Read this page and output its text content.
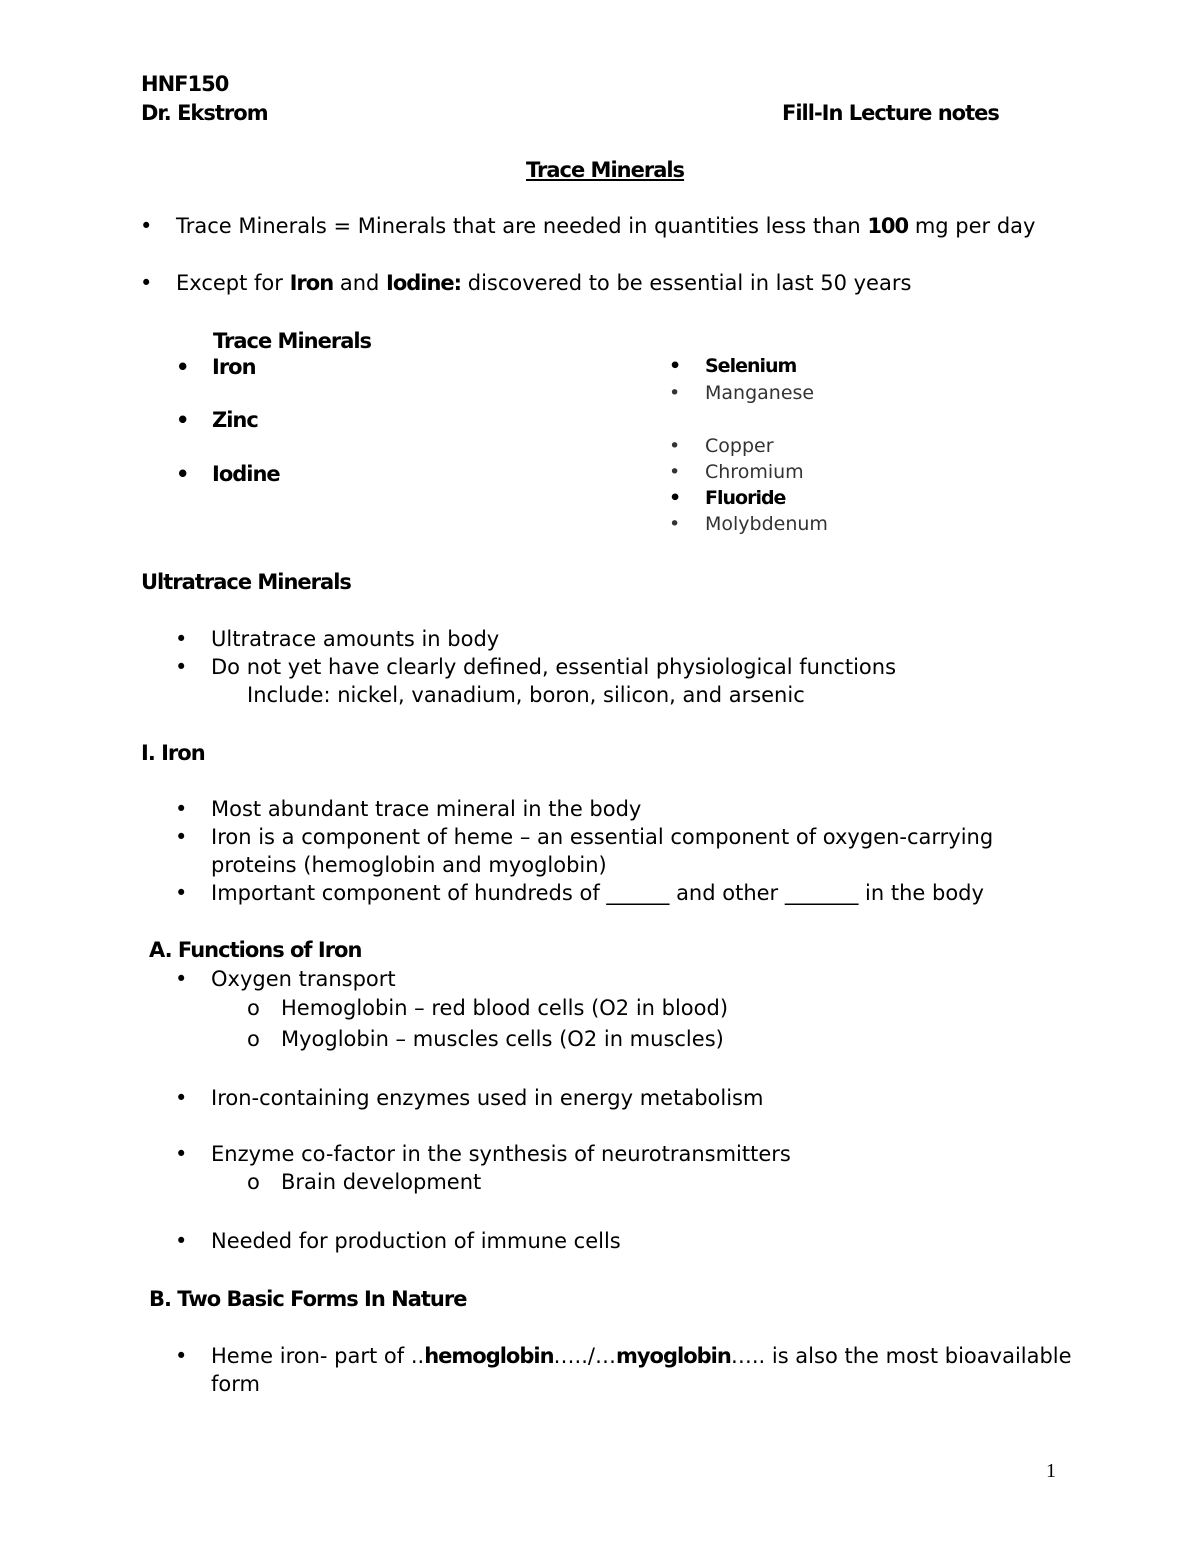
HNF150
Dr. Ekstrom	Fill-In Lecture notes
Trace Minerals
• Trace Minerals = Minerals that are needed in quantities less than 100 mg per day
• Except for Iron and Iodine: discovered to be essential in last 50 years
Trace Minerals
• Iron
• Zinc
• Iodine
• Selenium
• Manganese
• Copper
• Chromium
• Fluoride
• Molybdenum
Ultratrace Minerals
• Ultratrace amounts in body
• Do not yet have clearly defined, essential physiological functions
Include: nickel, vanadium, boron, silicon, and arsenic
I. Iron
• Most abundant trace mineral in the body
• Iron is a component of heme – an essential component of oxygen-carrying
proteins (hemoglobin and myoglobin)
• Important component of hundreds of ______ and other _______ in the body
A. Functions of Iron
• Oxygen transport
o Hemoglobin – red blood cells (O2 in blood)
o Myoglobin – muscles cells (O2 in muscles)
• Iron-containing enzymes used in energy metabolism
• Enzyme co-factor in the synthesis of neurotransmitters
o Brain development
• Needed for production of immune cells
B. Two Basic Forms In Nature
• Heme iron- part of ..hemoglobin…../…myoglobin….. is also the most bioavailable
form
1
